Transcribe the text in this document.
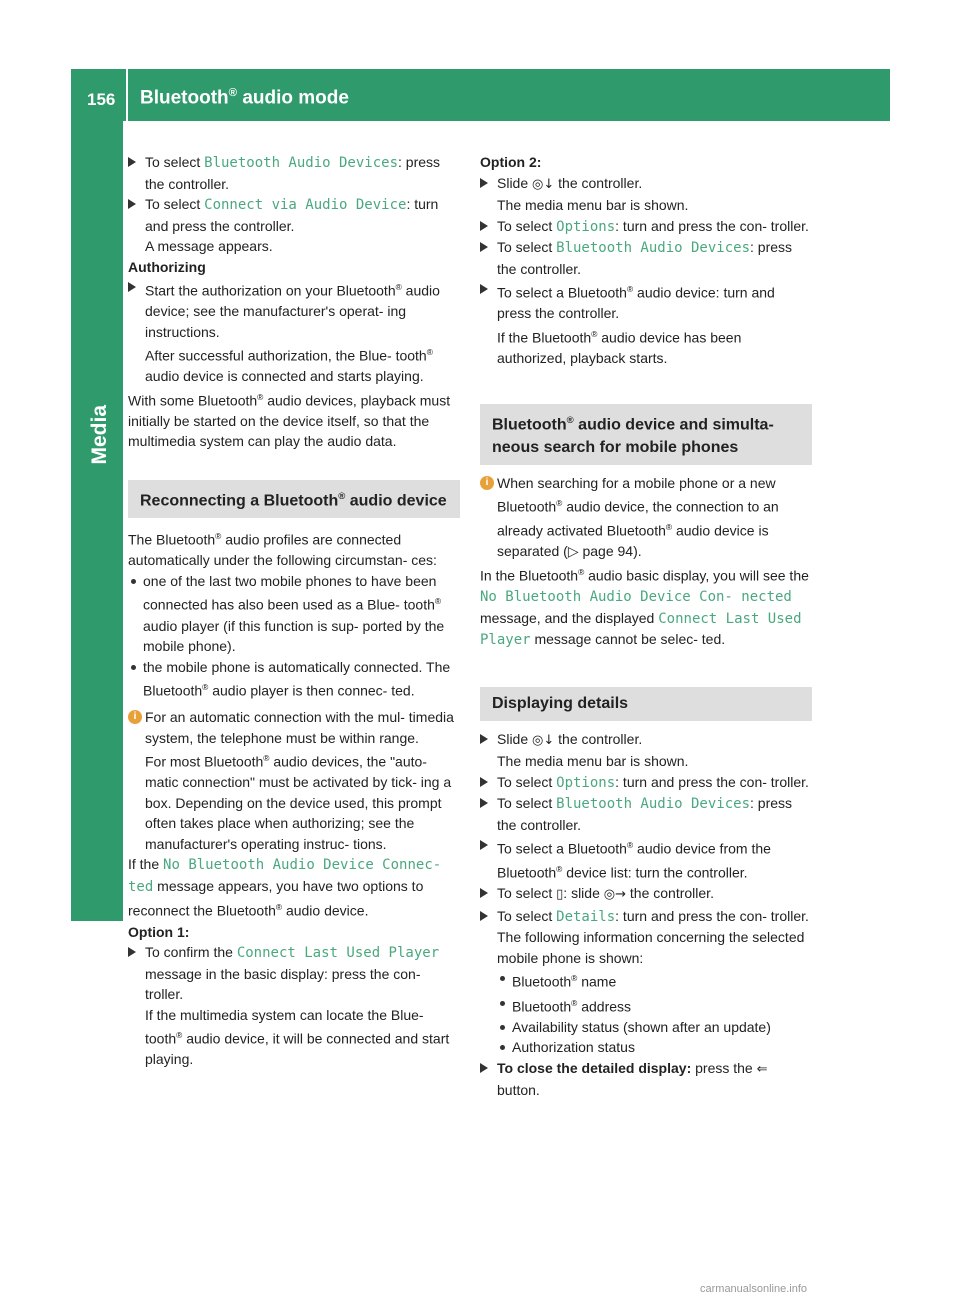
156 Bluetooth® audio mode
Media

To select Bluetooth Audio Devices: press the controller.

To select Connect via Audio Device: turn and press the controller.
A message appears.

Authorizing

Start the authorization on your Bluetooth® audio device; see the manufacturer's operat- ing instructions.
After successful authorization, the Blue- tooth® audio device is connected and starts playing.

With some Bluetooth® audio devices, playback must initially be started on the device itself, so that the multimedia system can play the audio data.

Reconnecting a Bluetooth® audio device

The Bluetooth® audio profiles are connected automatically under the following circumstan- ces:

one of the last two mobile phones to have been connected has also been used as a Blue- tooth® audio player (if this function is sup- ported by the mobile phone).

the mobile phone is automatically connected. The Bluetooth® audio player is then connec- ted.

i For an automatic connection with the mul- timedia system, the telephone must be within range.
For most Bluetooth® audio devices, the "auto- matic connection" must be activated by tick- ing a box. Depending on the device used, this prompt often takes place when authorizing; see the manufacturer's operating instruc- tions.

If the No Bluetooth Audio Device Connec‑ ted message appears, you have two options to reconnect the Bluetooth® audio device.

Option 1:

To confirm the Connect Last Used Player message in the basic display: press the con- troller.
If the multimedia system can locate the Blue- tooth® audio device, it will be connected and start playing.

Option 2:

Slide ◎↓ the controller.
The media menu bar is shown.

To select Options: turn and press the con- troller.

To select Bluetooth Audio Devices: press the controller.

To select a Bluetooth® audio device: turn and press the controller.
If the Bluetooth® audio device has been authorized, playback starts.

Bluetooth® audio device and simulta- neous search for mobile phones

i When searching for a mobile phone or a new Bluetooth® audio device, the connection to an already activated Bluetooth® audio device is separated (▷ page 94).

In the Bluetooth® audio basic display, you will see the No Bluetooth Audio Device Con‑ nected message, and the displayed Connect Last Used Player message cannot be selec- ted.

Displaying details

Slide ◎↓ the controller.
The media menu bar is shown.

To select Options: turn and press the con- troller.

To select Bluetooth Audio Devices: press the controller.

To select a Bluetooth® audio device from the Bluetooth® device list: turn the controller.

To select ▯: slide ◎→ the controller.

To select Details: turn and press the con- troller.
The following information concerning the selected mobile phone is shown:

Bluetooth® name

Bluetooth® address

Availability status (shown after an update)

Authorization status

To close the detailed display: press the ⇐ button.

carmanualsonline.info
